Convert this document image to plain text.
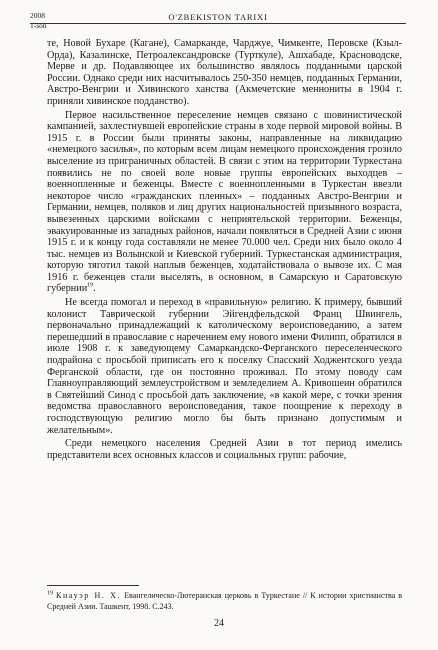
2008
1-son
O'ZBEKISTON TARIXI

те, Новой Бухаре (Кагане), Самарканде, Чарджуе, Чимкенте, Перовске (Кзыл-Орда), Казалинске, Петроалександровске (Турткуле), Ашхабаде, Красноводске, Мерве и др. Подавляющее их большинство являлось подданными царской России. Однако среди них насчитывалось 250-350 немцев, подданных Германии, Австро-Венгрии и Хивинского ханства (Акмечетские меннониты в 1904 г. приняли хивинское подданство).

Первое насильственное переселение немцев связано с шовинистической кампанией, захлестнувшей европейские страны в ходе первой мировой войны. В 1915 г. в России были приняты законы, направленные на ликвидацию «немецкого засилья», по которым всем лицам немецкого происхождения грозило выселение из приграничных областей. В связи с этим на территории Туркестана появились не по своей воле новые группы европейских выходцев – военнопленные и беженцы. Вместе с военнопленными в Туркестан ввезли некоторое число «гражданских пленных» – подданных Австро-Венгрии и Германии, немцев, поляков и лиц других национальностей призывного возраста, вывезенных царскими войсками с неприятельской территории. Беженцы, эвакуированные из западных районов, начали появляться в Средней Азии с июня 1915 г. и к концу года составляли не менее 70.000 чел. Среди них было около 4 тыс. немцев из Волынской и Киевской губерний. Туркестанская администрация, которую тяготил такой наплыв беженцев, ходатайствовала о вывозе их. С мая 1916 г. беженцев стали выселять, в основном, в Самарскую и Саратовскую губернии$^{19}$.

Не всегда помогал и переход в «правильную» религию. К примеру, бывший колонист Таврической губернии Эйгендфельдской Франц Швингель, первоначально принадлежащий к католическому вероисповеданию, а затем перешедший в православие с наречением ему нового имени Филипп, обратился в июле 1908 г. к заведующему Самаркандско-Ферганского переселенческого подрайона с просьбой приписать его к поселку Спасский Ходжентского уезда Ферганской области, где он постоянно проживал. По этому поводу сам Главноуправляющий землеустройством и земледелием А. Кривошеин обратился в Святейший Синод с просьбой дать заключение, «в какой мере, с точки зрения ведомства православного вероисповедания, такое поощрение к переходу в господствующую религию могло бы быть признано допустимым и желательным».

Среди немецкого населения Средней Азии в тот период имелись представители всех основных классов и социальных групп: рабочие,

$^{19}$ Кнауэр Н. Х. Евангелическо-Лютеранская церковь в Туркестане // К истории христианства в Средней Азии. Ташкент, 1998. С.243.
24
